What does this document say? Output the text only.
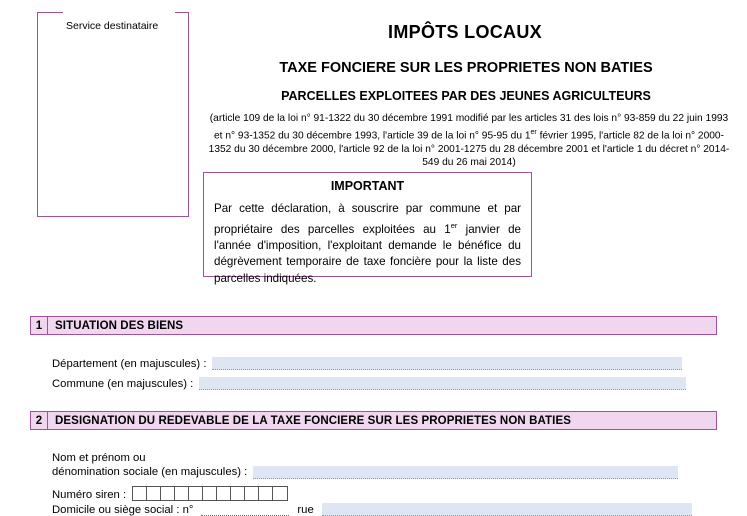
Service destinataire	IMPÔTS LOCAUX
TAXE FONCIERE SUR LES PROPRIETES NON BATIES
PARCELLES EXPLOITEES PAR DES JEUNES AGRICULTEURS
(article 109 de la loi n° 91-1322 du 30 décembre 1991 modifié par les articles 31 des lois n° 93-859 du 22 juin 1993 et n° 93-1352 du 30 décembre 1993, l'article 39 de la loi n° 95-95 du 1er février 1995, l'article 82 de la loi n° 2000-1352 du 30 décembre 2000, l'article 92 de la loi n° 2001-1275 du 28 décembre 2001 et l'article 1 du décret n° 2014-549 du 26 mai 2014)
IMPORTANT
Par cette déclaration, à souscrire par commune et par propriétaire des parcelles exploitées au 1er janvier de l'année d'imposition, l'exploitant demande le bénéfice du dégrèvement temporaire de taxe foncière pour la liste des parcelles indiquées.
1	SITUATION DES BIENS
Département (en majuscules) :
Commune (en majuscules) :
2	DESIGNATION DU REDEVABLE DE LA TAXE FONCIERE SUR LES PROPRIETES NON BATIES
Nom et prénom ou
dénomination sociale (en majuscules) :
Numéro siren :
Domicile ou siège social : n°	rue
